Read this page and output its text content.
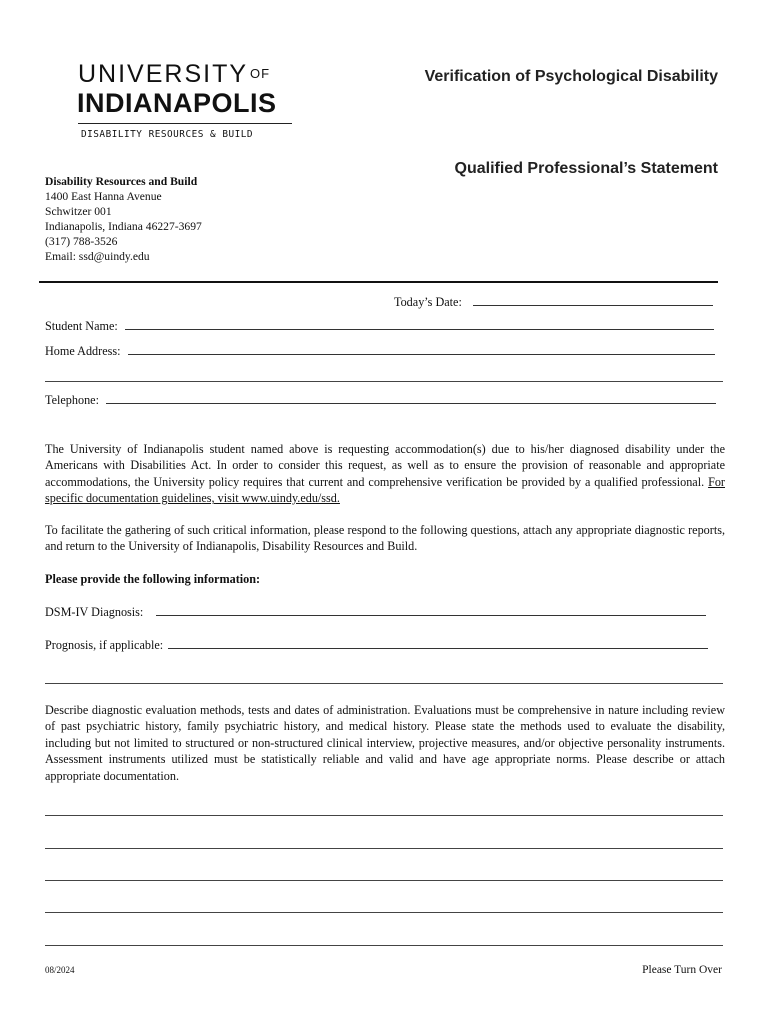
UNIVERSITY OF
INDIANAPOLIS
DISABILITY RESOURCES & BUILD
Verification of Psychological Disability
Qualified Professional’s Statement
Disability Resources and Build
1400 East Hanna Avenue
Schwitzer 001
Indianapolis, Indiana 46227-3697
(317) 788-3526
Email: ssd@uindy.edu
Today’s Date:
Student Name:
Home Address:
Telephone:
The University of Indianapolis student named above is requesting accommodation(s) due to his/her diagnosed disability under the Americans with Disabilities Act. In order to consider this request, as well as to ensure the provision of reasonable and appropriate accommodations, the University policy requires that current and comprehensive verification be provided by a qualified professional. For specific documentation guidelines, visit www.uindy.edu/ssd.
To facilitate the gathering of such critical information, please respond to the following questions, attach any appropriate diagnostic reports, and return to the University of Indianapolis, Disability Resources and Build.
Please provide the following information:
DSM-IV Diagnosis:
Prognosis, if applicable:
Describe diagnostic evaluation methods, tests and dates of administration. Evaluations must be comprehensive in nature including review of past psychiatric history, family psychiatric history, and medical history. Please state the methods used to evaluate the disability, including but not limited to structured or non-structured clinical interview, projective measures, and/or objective personality instruments. Assessment instruments utilized must be statistically reliable and valid and have age appropriate norms. Please describe or attach appropriate documentation.
08/2024	Please Turn Over
